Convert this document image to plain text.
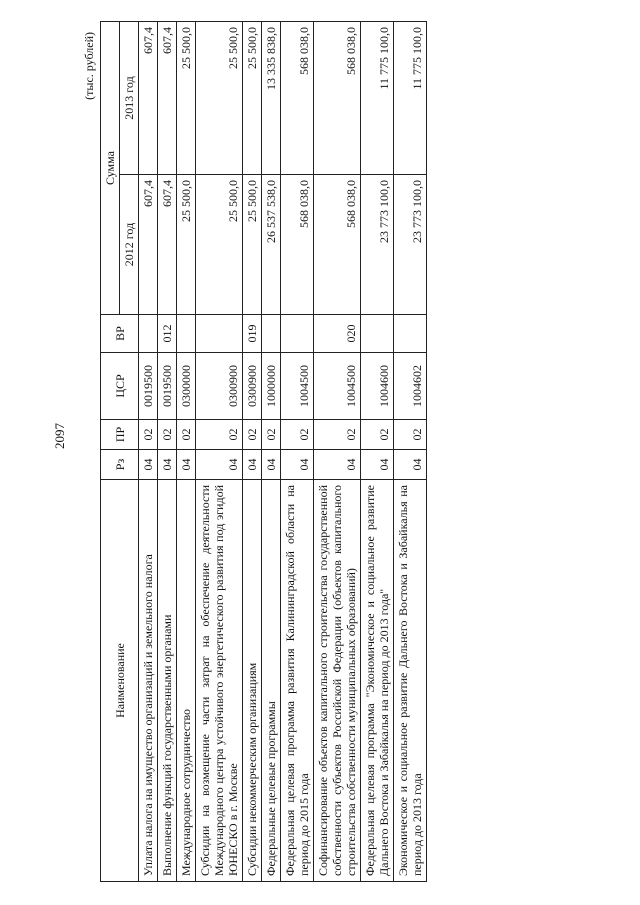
2097
(тыс. рублей)
Наименование	Рз	ПР	ЦСР	ВР	Сумма	
					2012 год	2013 год
Уплата налога на имущество организаций и земельного налога	04	02	0019500		607,4	607,4
Выполнение функций государственными органами	04	02	0019500	012	607,4	607,4
Международное сотрудничество	04	02	0300000		25 500,0	25 500,0
Субсидии на возмещение части затрат на обеспечение деятельности Международного центра устойчивого энергетического развития под эгидой ЮНЕСКО в г. Москве	04	02	0300900		25 500,0	25 500,0
Субсидии некоммерческим организациям	04	02	0300900	019	25 500,0	25 500,0
Федеральные целевые программы	04	02	1000000		26 537 538,0	13 335 838,0
Федеральная целевая программа развития Калининградской области на период до 2015 года	04	02	1004500		568 038,0	568 038,0
Софинансирование объектов капитального строительства государственной собственности субъектов Российской Федерации (объектов капитального строительства собственности муниципальных образований)	04	02	1004500	020	568 038,0	568 038,0
Федеральная целевая программа "Экономическое и социальное развитие Дальнего Востока и Забайкалья на период до 2013 года"	04	02	1004600		23 773 100,0	11 775 100,0
Экономическое и социальное развитие Дальнего Востока и Забайкалья на период до 2013 года	04	02	1004602		23 773 100,0	11 775 100,0
